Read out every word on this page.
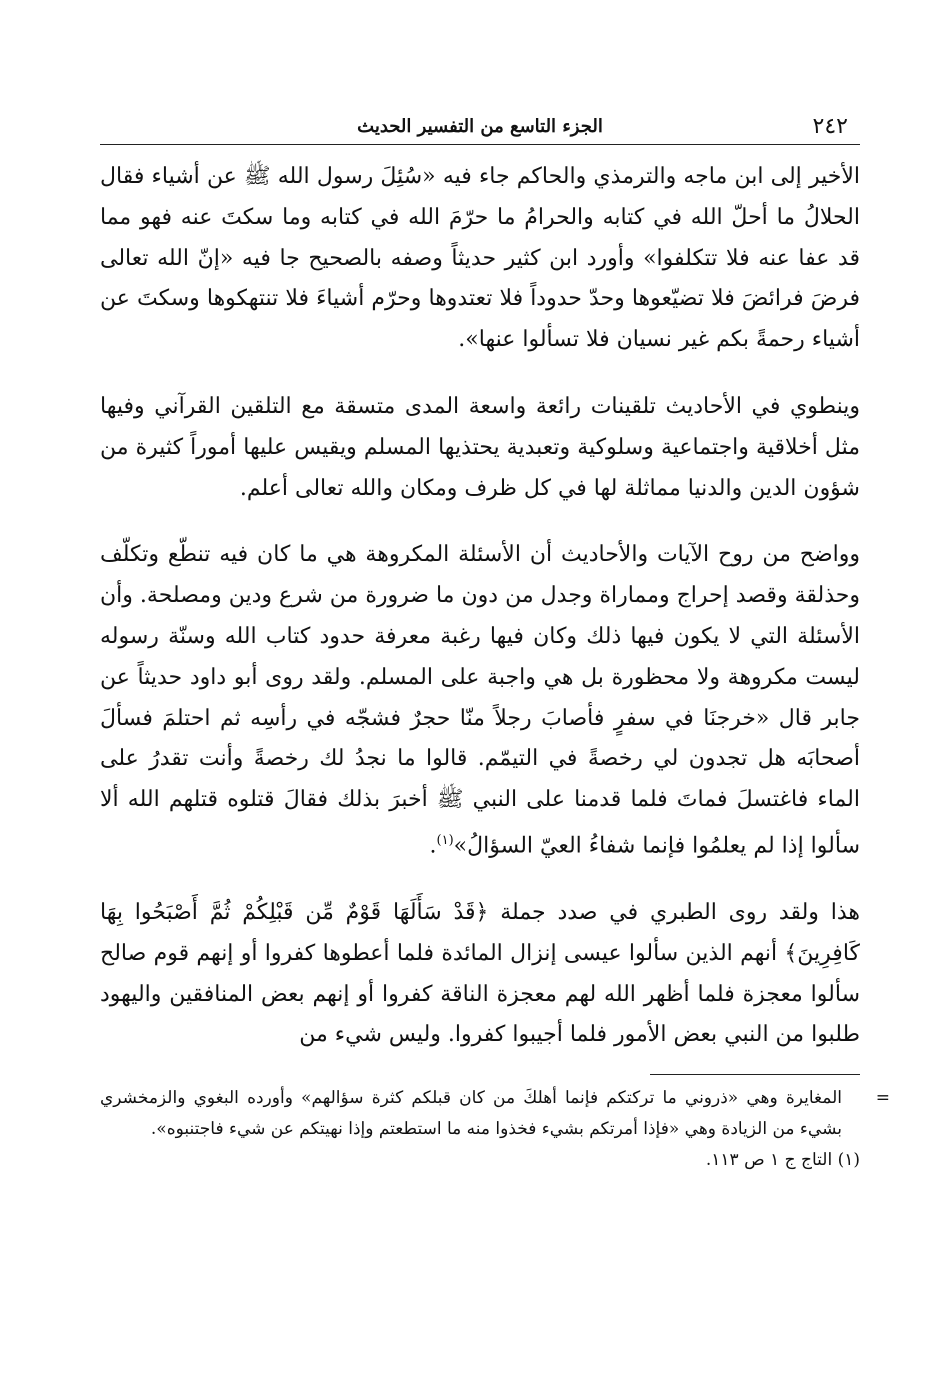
٢٤٢
الجزء التاسع من التفسير الحديث

الأخير إلى ابن ماجه والترمذي والحاكم جاء فيه «سُئِلَ رسول الله ﷺ عن أشياء فقال الحلالُ ما أحلّ الله في كتابه والحرامُ ما حرّمَ الله في كتابه وما سكتَ عنه فهو مما قد عفا عنه فلا تتكلفوا» وأورد ابن كثير حديثاً وصفه بالصحيح جا فيه «إنّ الله تعالى فرضَ فرائضَ فلا تضيّعوها وحدّ حدوداً فلا تعتدوها وحرّم أشياءَ فلا تنتهكوها وسكتَ عن أشياء رحمةً بكم غير نسيان فلا تسألوا عنها».

وينطوي في الأحاديث تلقينات رائعة واسعة المدى متسقة مع التلقين القرآني وفيها مثل أخلاقية واجتماعية وسلوكية وتعبدية يحتذيها المسلم ويقيس عليها أموراً كثيرة من شؤون الدين والدنيا مماثلة لها في كل ظرف ومكان والله تعالى أعلم.

وواضح من روح الآيات والأحاديث أن الأسئلة المكروهة هي ما كان فيه تنطّع وتكلّف وحذلقة وقصد إحراج ومماراة وجدل من دون ما ضرورة من شرع ودين ومصلحة. وأن الأسئلة التي لا يكون فيها ذلك وكان فيها رغبة معرفة حدود كتاب الله وسنّة رسوله ليست مكروهة ولا محظورة بل هي واجبة على المسلم. ولقد روى أبو داود حديثاً عن جابر قال «خرجنَا في سفرٍ فأصابَ رجلاً منّا حجرٌ فشجّه في رأسِه ثم احتلمَ فسألَ أصحابَه هل تجدون لي رخصةً في التيمّم. قالوا ما نجدُ لك رخصةً وأنت تقدرُ على الماء فاغتسلَ فماتَ فلما قدمنا على النبي ﷺ أخبرَ بذلك فقالَ قتلوه قتلهم الله ألا سألوا إذا لم يعلمُوا فإنما شفاءُ العيّ السؤالُ»$^{(١)}$.

هذا ولقد روى الطبري في صدد جملة ﴿قَدْ سَأَلَهَا قَوْمٌ مِّن قَبْلِكُمْ ثُمَّ أَصْبَحُوا بِهَا كَافِرِينَ﴾ أنهم الذين سألوا عيسى إنزال المائدة فلما أعطوها كفروا أو إنهم قوم صالح سألوا معجزة فلما أظهر الله لهم معجزة الناقة كفروا أو إنهم بعض المنافقين واليهود طلبوا من النبي بعض الأمور فلما أجيبوا كفروا. وليس شيء من

=
المغايرة وهي «ذروني ما تركتكم فإنما أهلكَ من كان قبلكم كثرة سؤالهم» وأورده البغوي والزمخشري بشيء من الزيادة وهي «فإذا أمرتكم بشيء فخذوا منه ما استطعتم وإذا نهيتكم عن شيء فاجتنبوه».

(١) التاج ج ١ ص ١١٣.
